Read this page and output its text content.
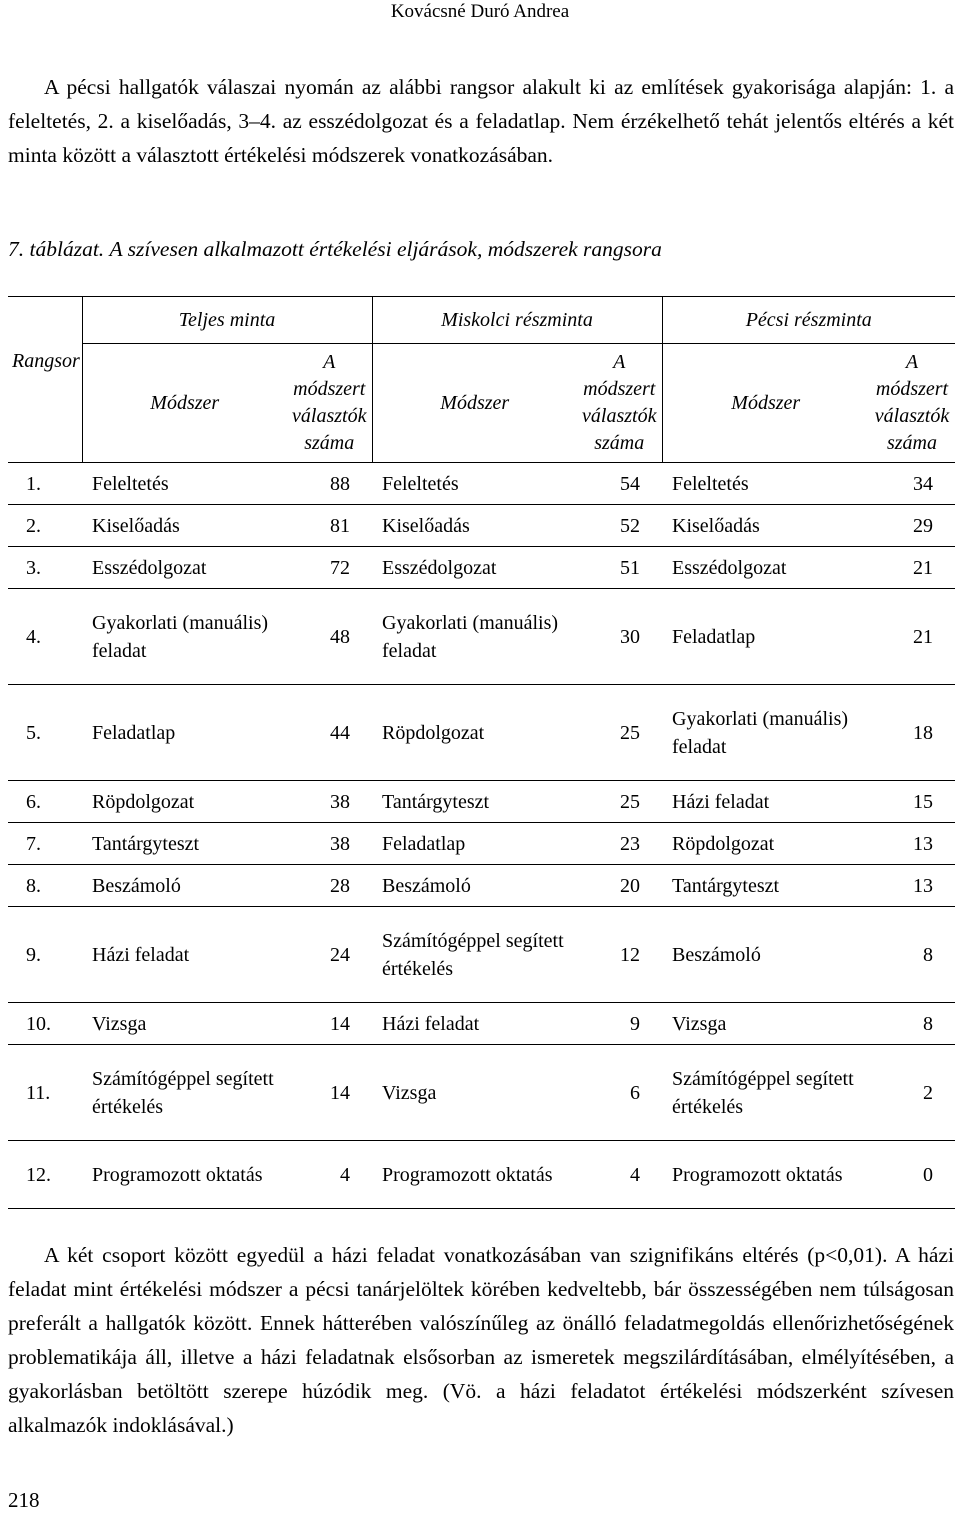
Kovácsné Duró Andrea

A pécsi hallgatók válaszai nyomán az alábbi rangsor alakult ki az említések gyakorisága alapján: 1. a feleltetés, 2. a kiselőadás, 3–4. az esszédolgozat és a feladatlap. Nem érzékelhető tehát jelentős eltérés a két minta között a választott értékelési módszerek vonatkozásában.

7. táblázat. A szívesen alkalmazott értékelési eljárások, módszerek rangsora
Rangsor	Teljes minta		Miskolci részminta		Pécsi részminta	
	Módszer	A módszert választók száma	Módszer	A módszert választók száma	Módszer	A módszert választók száma
1.	Feleltetés	88	Feleltetés	54	Feleltetés	34
2.	Kiselőadás	81	Kiselőadás	52	Kiselőadás	29
3.	Esszédolgozat	72	Esszédolgozat	51	Esszédolgozat	21
4.	Gyakorlati (manuális) feladat	48	Gyakorlati (manuális) feladat	30	Feladatlap	21
5.	Feladatlap	44	Röpdolgozat	25	Gyakorlati (manuális) feladat	18
6.	Röpdolgozat	38	Tantárgyteszt	25	Házi feladat	15
7.	Tantárgyteszt	38	Feladatlap	23	Röpdolgozat	13
8.	Beszámoló	28	Beszámoló	20	Tantárgyteszt	13
9.	Házi feladat	24	Számítógéppel segített értékelés	12	Beszámoló	8
10.	Vizsga	14	Házi feladat	9	Vizsga	8
11.	Számítógéppel segített értékelés	14	Vizsga	6	Számítógéppel segített értékelés	2
12.	Programozott oktatás	4	Programozott oktatás	4	Programozott oktatás	0

A két csoport között egyedül a házi feladat vonatkozásában van szignifikáns eltérés (p<0,01). A házi feladat mint értékelési módszer a pécsi tanárjelöltek körében kedveltebb, bár összességében nem túlságosan preferált a hallgatók között. Ennek hátterében valószínűleg az önálló feladatmegoldás ellenőrizhetőségének problematikája áll, illetve a házi feladatnak elsősorban az ismeretek megszilárdításában, elmélyítésében, a gyakorlásban betöltött szerepe húzódik meg. (Vö. a házi feladatot értékelési módszerként szívesen alkalmazók indoklásával.)

218
